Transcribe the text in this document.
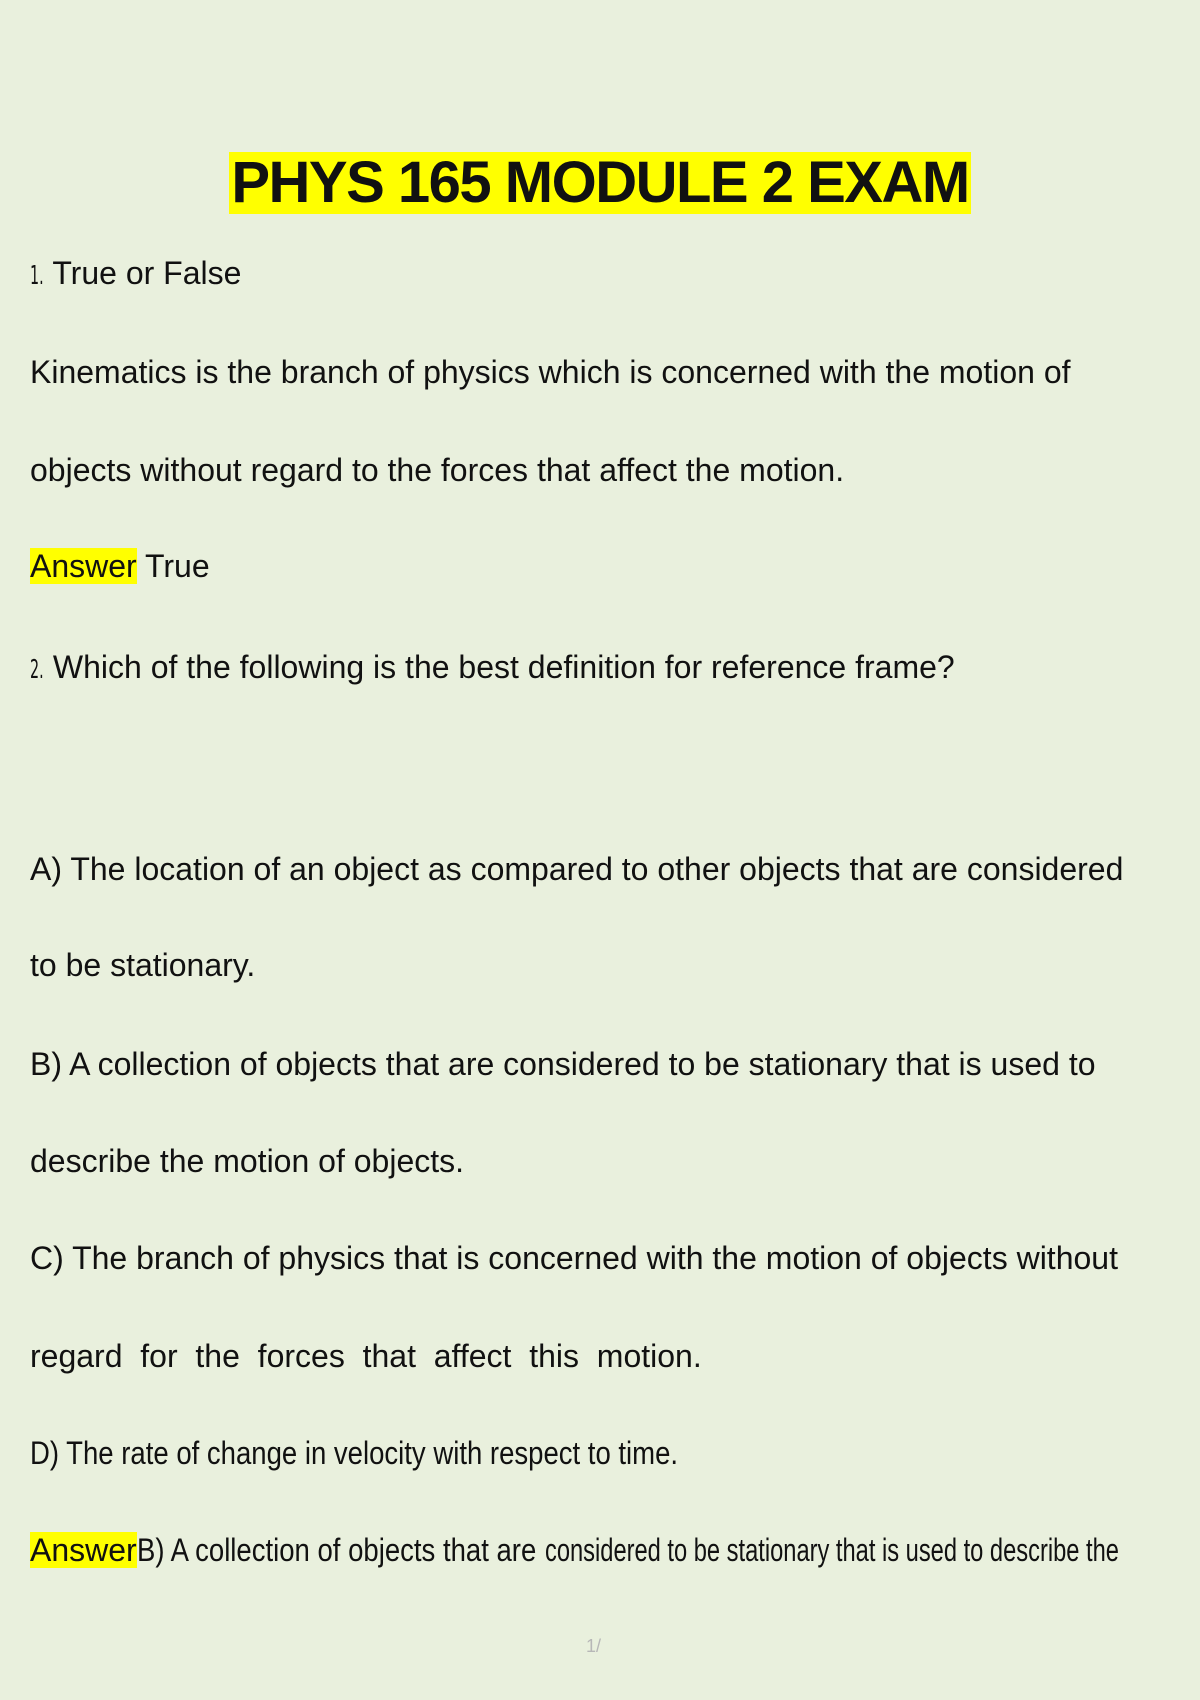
PHYS 165 MODULE 2 EXAM
1. True or False
Kinematics is the branch of physics which is concerned with the motion of
objects without regard to the forces that affect the motion.
Answer True
2. Which of the following is the best definition for reference frame?
A) The location of an object as compared to other objects that are considered
to be stationary.
B) A collection of objects that are considered to be stationary that is used to
describe the motion of objects.
C) The branch of physics that is concerned with the motion of objects without
regard  for  the  forces  that  affect  this  motion.
D) The rate of change in velocity with respect to time.
AnswerB) A collection of objects that areconsidered to be stationary that is used to describe the
1/
